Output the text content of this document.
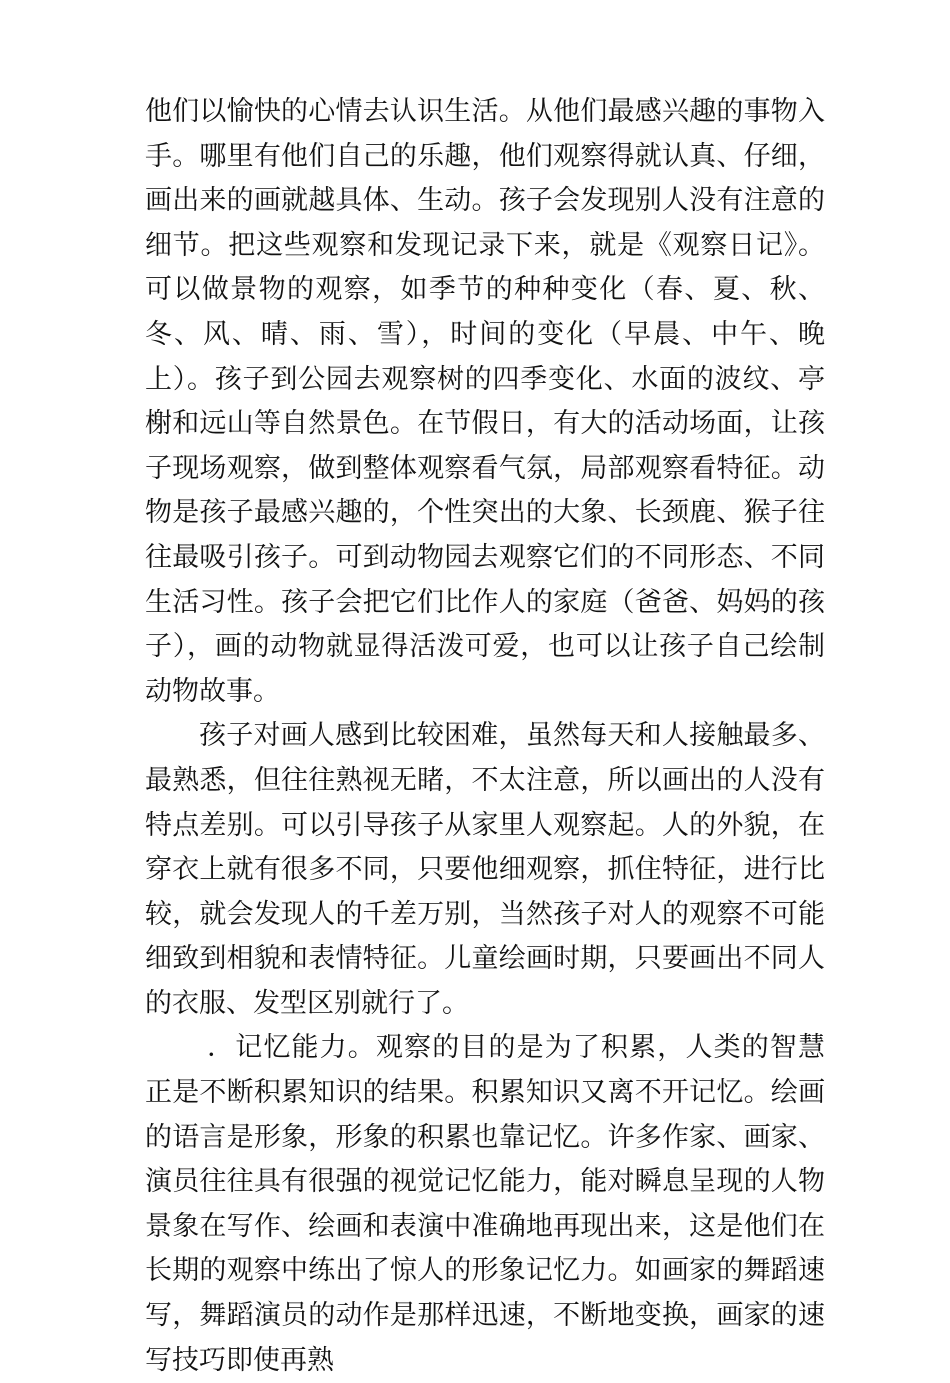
他们以愉快的心情去认识生活。从他们最感兴趣的事物入手。哪里有他们自己的乐趣，他们观察得就认真、仔细，画出来的画就越具体、生动。孩子会发现别人没有注意的细节。把这些观察和发现记录下来，就是《观察日记》。可以做景物的观察，如季节的种种变化（春、夏、秋、冬、风、晴、雨、雪），时间的变化（早晨、中午、晚上）。孩子到公园去观察树的四季变化、水面的波纹、亭榭和远山等自然景色。在节假日，有大的活动场面，让孩子现场观察，做到整体观察看气氛，局部观察看特征。动物是孩子最感兴趣的，个性突出的大象、长颈鹿、猴子往往最吸引孩子。可到动物园去观察它们的不同形态、不同生活习性。孩子会把它们比作人的家庭（爸爸、妈妈的孩子），画的动物就显得活泼可爱，也可以让孩子自己绘制动物故事。

孩子对画人感到比较困难，虽然每天和人接触最多、最熟悉，但往往熟视无睹，不太注意，所以画出的人没有特点差别。可以引导孩子从家里人观察起。人的外貌，在穿衣上就有很多不同，只要他细观察，抓住特征，进行比较，就会发现人的千差万别，当然孩子对人的观察不可能细致到相貌和表情特征。儿童绘画时期，只要画出不同人的衣服、发型区别就行了。

．记忆能力。观察的目的是为了积累，人类的智慧正是不断积累知识的结果。积累知识又离不开记忆。绘画的语言是形象，形象的积累也靠记忆。许多作家、画家、演员往往具有很强的视觉记忆能力，能对瞬息呈现的人物景象在写作、绘画和表演中准确地再现出来，这是他们在长期的观察中练出了惊人的形象记忆力。如画家的舞蹈速写，舞蹈演员的动作是那样迅速，不断地变换，画家的速写技巧即使再熟
